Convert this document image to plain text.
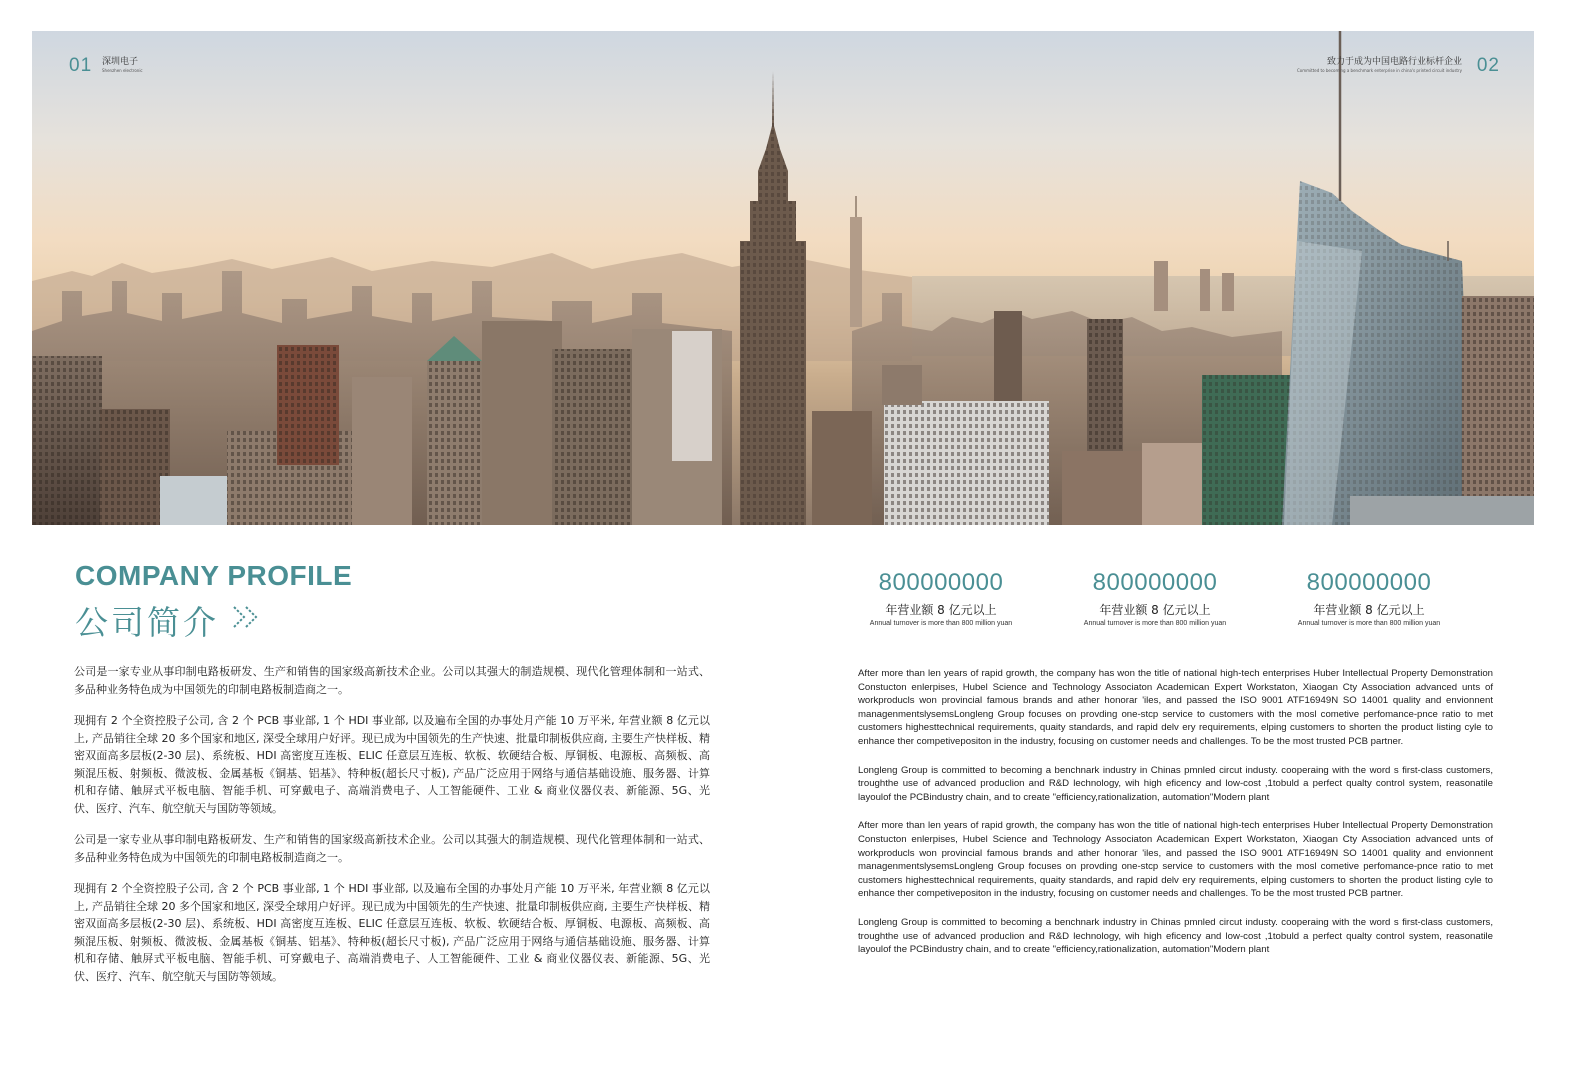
01 深圳电子
Shenzhen electronic
致力于成为中国电路行业标杆企业
Committed to becoming a benchmark enterprise in china's printed circuit industry 02
COMPANY PROFILE
公司简介

公司是一家专业从事印制电路板研发、生产和销售的国家级高新技术企业。公司以其强大的制造规模、现代化管理体制和一站式、多品种业务特色成为中国领先的印制电路板制造商之一。

现拥有 2 个全资控股子公司, 含 2 个 PCB 事业部, 1 个 HDI 事业部, 以及遍布全国的办事处月产能 10 万平米, 年营业额 8 亿元以上, 产品销往全球 20 多个国家和地区, 深受全球用户好评。现已成为中国领先的生产快速、批量印制板供应商, 主要生产快样板、精密双面高多层板(2-30 层)、系统板、HDI 高密度互连板、ELIC 任意层互连板、软板、软硬结合板、厚铜板、电源板、高频板、高频混压板、射频板、微波板、金属基板《铜基、铝基》、特种板(超长尺寸板), 产品广泛应用于网络与通信基础设施、服务器、计算机和存储、触屏式平板电脑、智能手机、可穿戴电子、高端消费电子、人工智能硬件、工业 & 商业仪器仪表、新能源、5G、光伏、医疗、汽车、航空航天与国防等领域。

公司是一家专业从事印制电路板研发、生产和销售的国家级高新技术企业。公司以其强大的制造规模、现代化管理体制和一站式、多品种业务特色成为中国领先的印制电路板制造商之一。

现拥有 2 个全资控股子公司, 含 2 个 PCB 事业部, 1 个 HDI 事业部, 以及遍布全国的办事处月产能 10 万平米, 年营业额 8 亿元以上, 产品销往全球 20 多个国家和地区, 深受全球用户好评。现已成为中国领先的生产快速、批量印制板供应商, 主要生产快样板、精密双面高多层板(2-30 层)、系统板、HDI 高密度互连板、ELIC 任意层互连板、软板、软硬结合板、厚铜板、电源板、高频板、高频混压板、射频板、微波板、金属基板《铜基、铝基》、特种板(超长尺寸板), 产品广泛应用于网络与通信基础设施、服务器、计算机和存储、触屏式平板电脑、智能手机、可穿戴电子、高端消费电子、人工智能硬件、工业 & 商业仪器仪表、新能源、5G、光伏、医疗、汽车、航空航天与国防等领域。

800000000
年营业额 8 亿元以上
Annual turnover is more than 800 million yuan
800000000
年营业额 8 亿元以上
Annual turnover is more than 800 million yuan
800000000
年营业额 8 亿元以上
Annual turnover is more than 800 million yuan

After more than len years of rapid growth, the company has won the title of national high-tech enterprises Huber Intellectual Property Demonstration Constucton enlerpises, Hubel Science and Technology Associaton Academican Expert Workstaton, Xiaogan Cty Association advanced unts of workproducls won provincial famous brands and ather honorar 'iles, and passed the ISO 9001 ATF16949N SO 14001 quality and envionnent managenmentslysemsLongleng Group focuses on provding one-stcp service to customers with the mosl cometive perfomance-pnce ratio to met customers highesttechnical requirements, quaity standards, and rapid delv ery requirements, elping customers to shorten the product listing cyle to enhance ther competivepositon in the industry, focusing on customer needs and challenges. To be the most trusted PCB partner.

Longleng Group is committed to becoming a benchnark industry in Chinas pmnled circut industy. cooperaing with the word s first-class customers, troughthe use of advanced produclion and R&D lechnology, wih high eficency and low-cost ,1tobuld a perfect qualty control system, reasonatile layoulof the PCBindustry chain, and to create "efficiency,rationalization, automation"Modern plant

After more than len years of rapid growth, the company has won the title of national high-tech enterprises Huber Intellectual Property Demonstration Constucton enlerpises, Hubel Science and Technology Associaton Academican Expert Workstaton, Xiaogan Cty Association advanced unts of workproducls won provincial famous brands and ather honorar 'iles, and passed the ISO 9001 ATF16949N SO 14001 quality and envionnent managenmentslysemsLongleng Group focuses on provding one-stcp service to customers with the mosl cometive perfomance-pnce ratio to met customers highesttechnical requirements, quaity standards, and rapid delv ery requirements, elping customers to shorten the product listing cyle to enhance ther competivepositon in the industry, focusing on customer needs and challenges. To be the most trusted PCB partner.

Longleng Group is committed to becoming a benchnark industry in Chinas pmnled circut industy. cooperaing with the word s first-class customers, troughthe use of advanced produclion and R&D lechnology, wih high eficency and low-cost ,1tobuld a perfect qualty control system, reasonatile layoulof the PCBindustry chain, and to create "efficiency,rationalization, automation"Modern plant
